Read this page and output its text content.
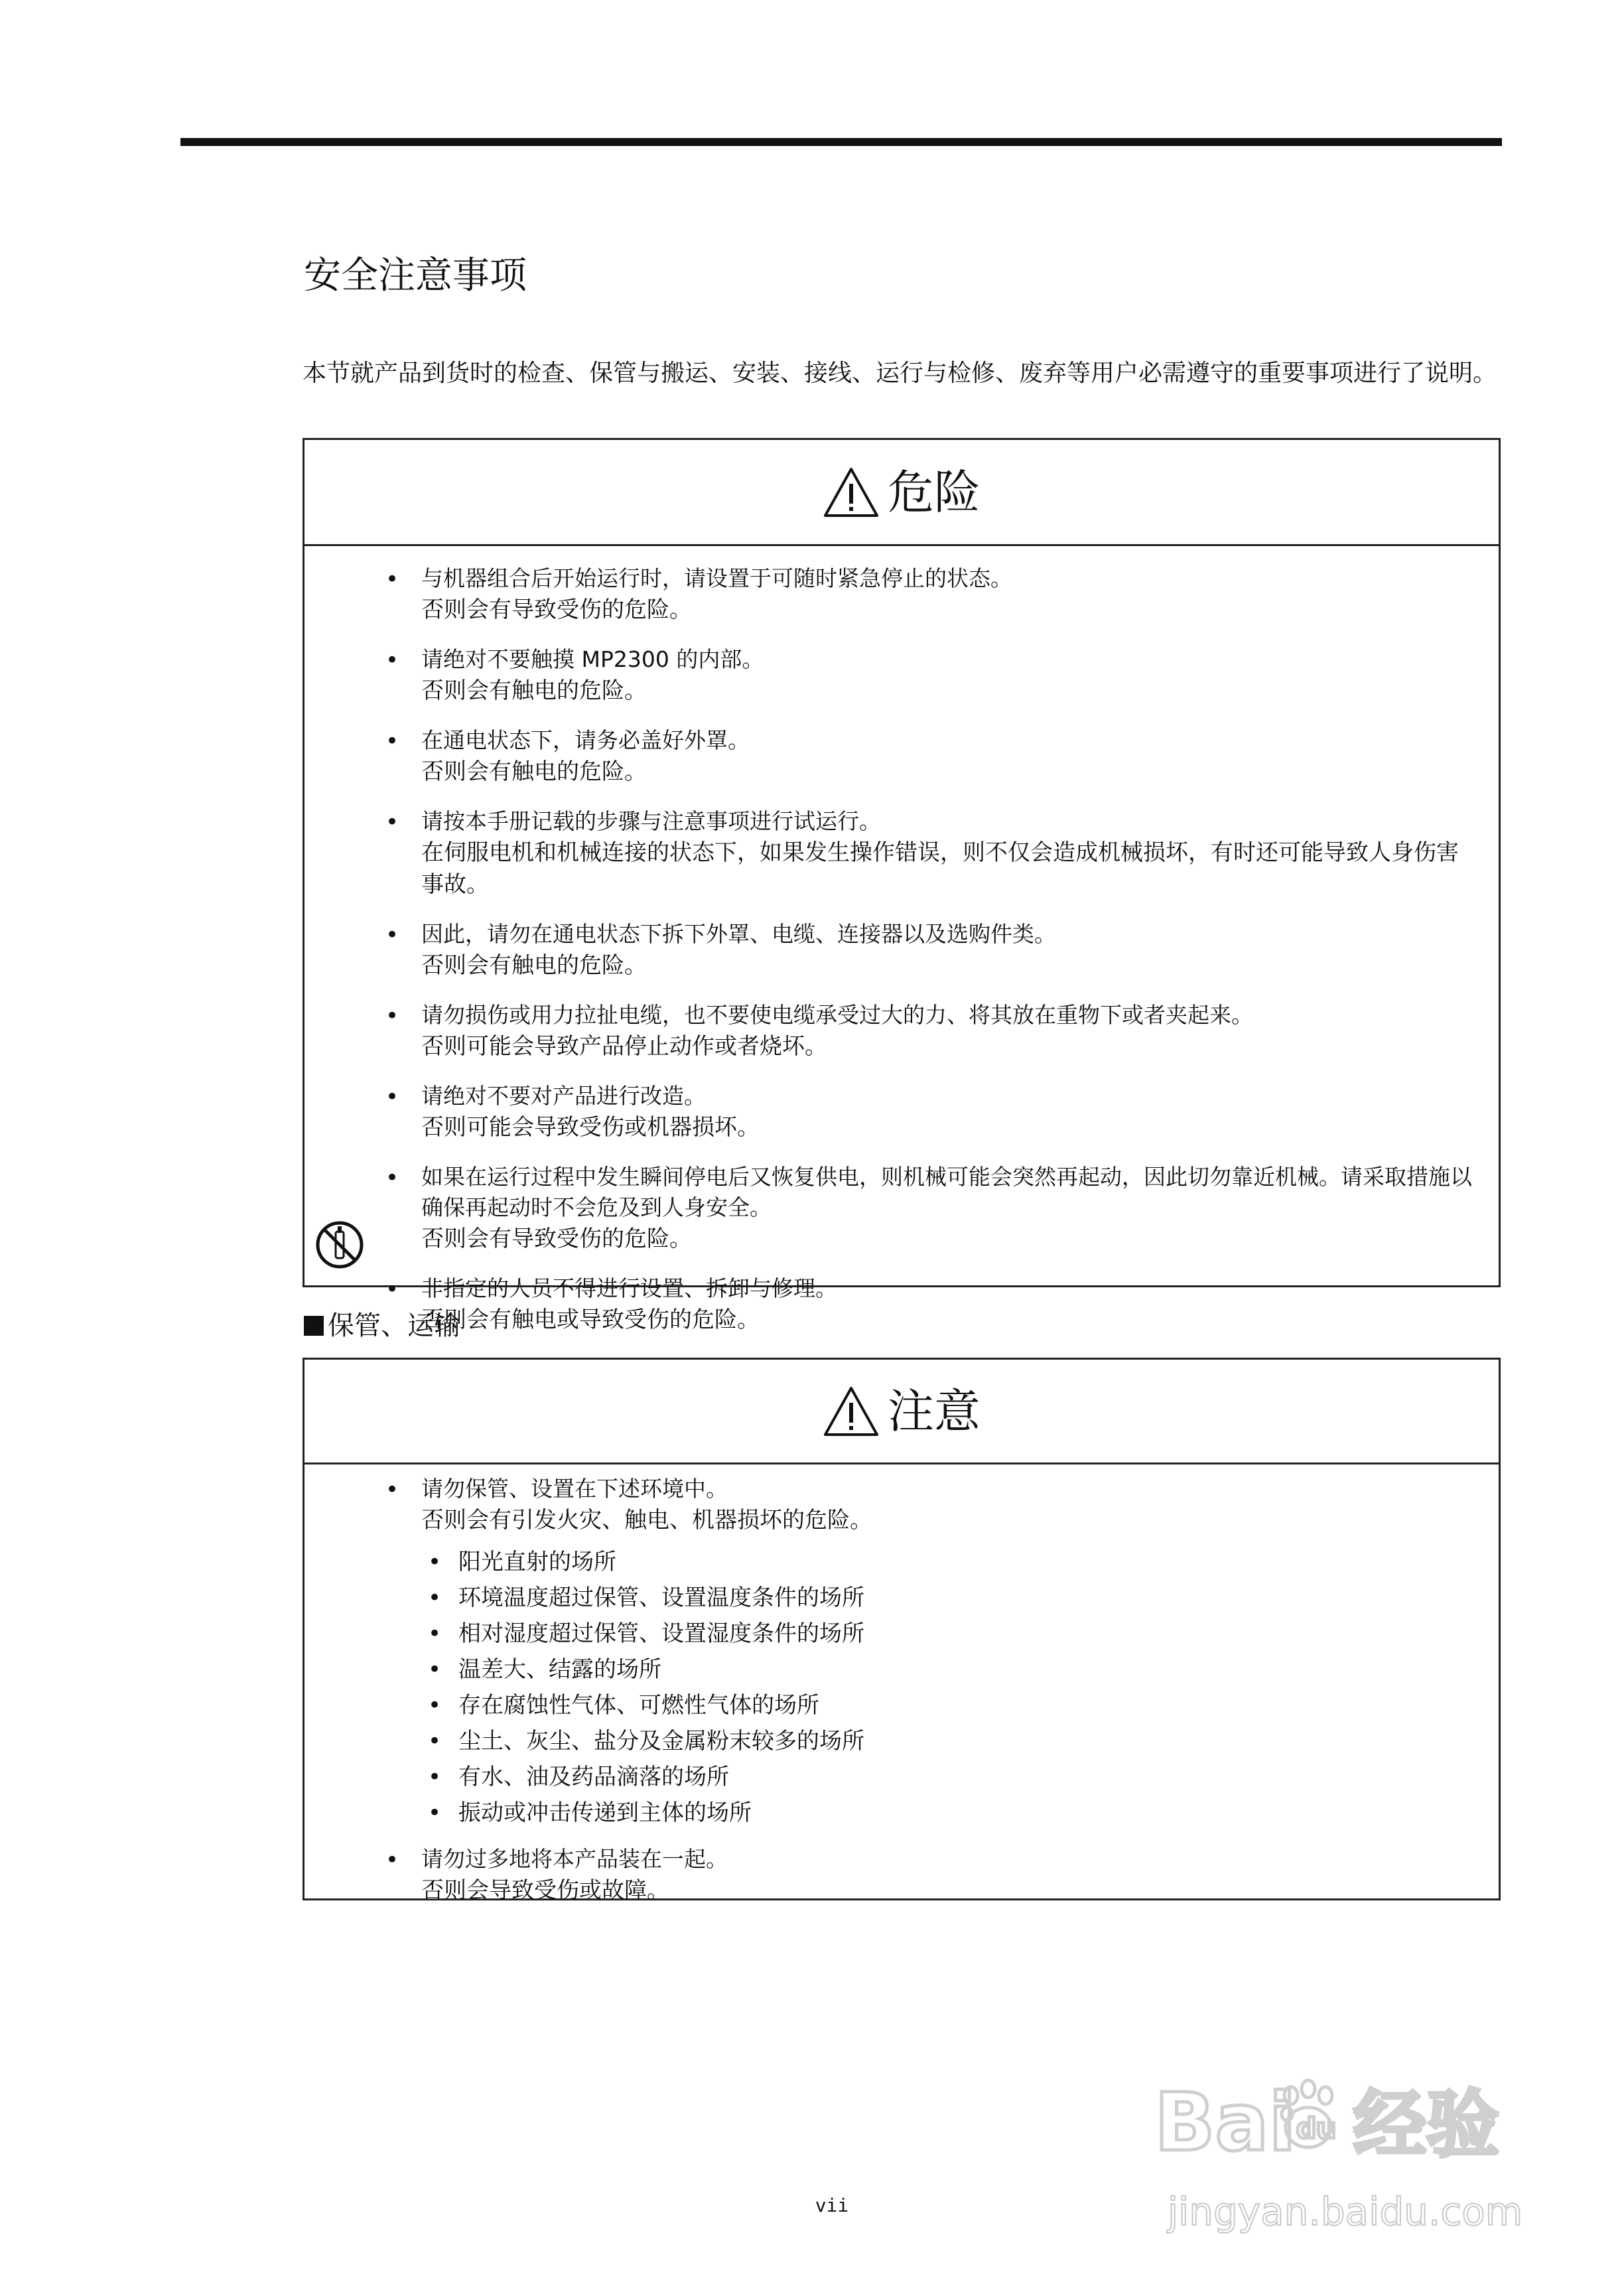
安全注意事项

本节就产品到货时的检查、保管与搬运、安装、接线、运行与检修、废弃等用户必需遵守的重要事项进行了说明。

危险
• 与机器组合后开始运行时，请设置于可随时紧急停止的状态。
否则会有导致受伤的危险。
• 请绝对不要触摸 MP2300 的内部。
否则会有触电的危险。
• 在通电状态下，请务必盖好外罩。
否则会有触电的危险。
• 请按本手册记载的步骤与注意事项进行试运行。
在伺服电机和机械连接的状态下，如果发生操作错误，则不仅会造成机械损坏，有时还可能导致人身伤害事故。
• 因此，请勿在通电状态下拆下外罩、电缆、连接器以及选购件类。
否则会有触电的危险。
• 请勿损伤或用力拉扯电缆，也不要使电缆承受过大的力、将其放在重物下或者夹起来。
否则可能会导致产品停止动作或者烧坏。
• 请绝对不要对产品进行改造。
否则可能会导致受伤或机器损坏。
• 如果在运行过程中发生瞬间停电后又恢复供电，则机械可能会突然再起动，因此切勿靠近机械。请采取措施以确保再起动时不会危及到人身安全。
否则会有导致受伤的危险。
• 非指定的人员不得进行设置、拆卸与修理。
否则会有触电或导致受伤的危险。
保管、运输
注意
• 请勿保管、设置在下述环境中。
否则会有引发火灾、触电、机器损坏的危险。
• 阳光直射的场所
• 环境温度超过保管、设置温度条件的场所
• 相对湿度超过保管、设置湿度条件的场所
• 温差大、结露的场所
• 存在腐蚀性气体、可燃性气体的场所
• 尘土、灰尘、盐分及金属粉末较多的场所
• 有水、油及药品滴落的场所
• 振动或冲击传递到主体的场所
• 请勿过多地将本产品装在一起。
否则会导致受伤或故障。
Bai 经验
du
jingyan.baidu.com
vii
